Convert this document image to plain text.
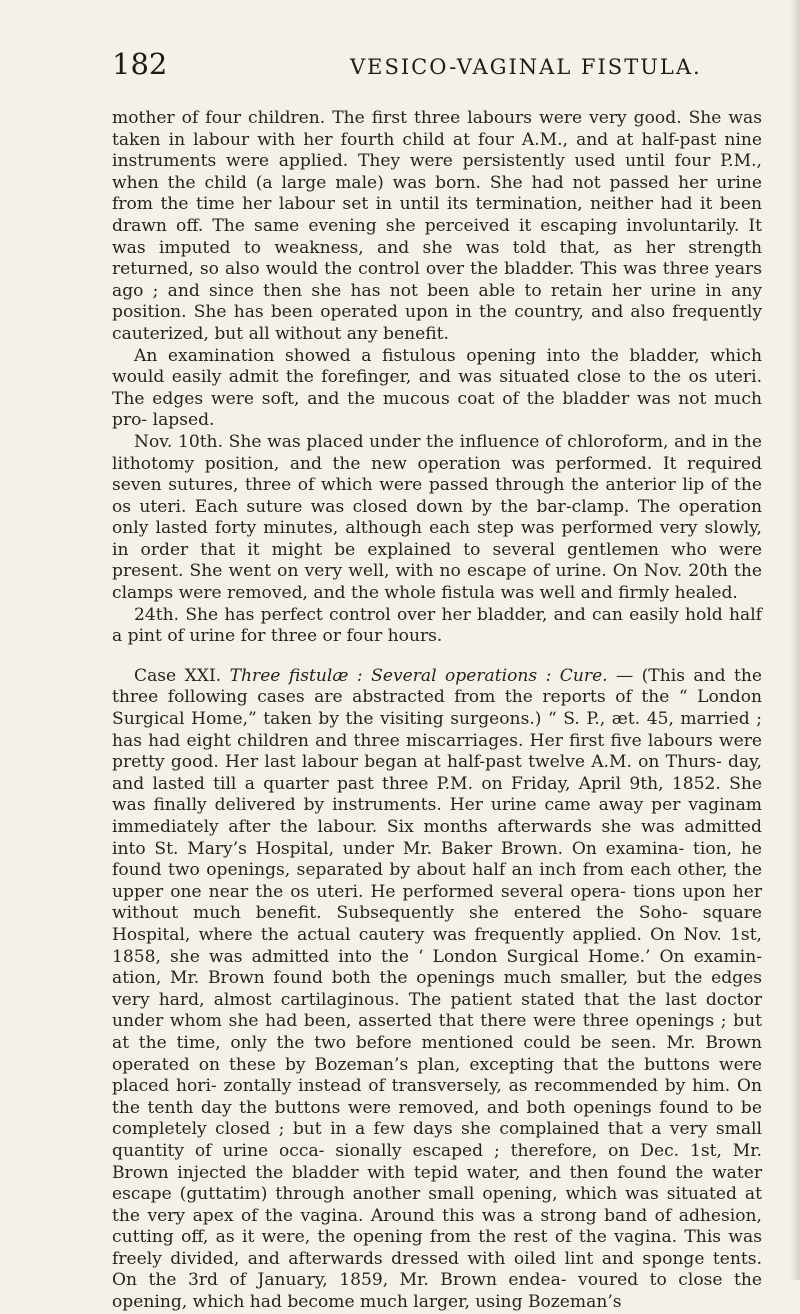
182	VESICO-VAGINAL FISTULA.

mother of four children. The first three labours were very good. She was taken in labour with her fourth child at four A.M., and at half-past nine instruments were applied. They were persistently used until four P.M., when the child (a large male) was born. She had not passed her urine from the time her labour set in until its termination, neither had it been drawn off. The same evening she perceived it escaping involuntarily. It was imputed to weakness, and she was told that, as her strength returned, so also would the control over the bladder. This was three years ago ; and since then she has not been able to retain her urine in any position. She has been operated upon in the country, and also frequently cauterized, but all without any benefit.

An examination showed a fistulous opening into the bladder, which would easily admit the forefinger, and was situated close to the os uteri. The edges were soft, and the mucous coat of the bladder was not much pro- lapsed.

Nov. 10th. She was placed under the influence of chloroform, and in the lithotomy position, and the new operation was performed. It required seven sutures, three of which were passed through the anterior lip of the os uteri. Each suture was closed down by the bar-clamp. The operation only lasted forty minutes, although each step was performed very slowly, in order that it might be explained to several gentlemen who were present. She went on very well, with no escape of urine. On Nov. 20th the clamps were removed, and the whole fistula was well and firmly healed.

24th. She has perfect control over her bladder, and can easily hold half a pint of urine for three or four hours.

Case XXI. Three fistulæ : Several operations : Cure. — (This and the three following cases are abstracted from the reports of the “ London Surgical Home,” taken by the visiting surgeons.) “ S. P., æt. 45, married ; has had eight children and three miscarriages. Her first five labours were pretty good. Her last labour began at half-past twelve A.M. on Thurs- day, and lasted till a quarter past three P.M. on Friday, April 9th, 1852. She was finally delivered by instruments. Her urine came away per vaginam immediately after the labour. Six months afterwards she was admitted into St. Mary’s Hospital, under Mr. Baker Brown. On examina- tion, he found two openings, separated by about half an inch from each other, the upper one near the os uteri. He performed several opera- tions upon her without much benefit. Subsequently she entered the Soho- square Hospital, where the actual cautery was frequently applied. On Nov. 1st, 1858, she was admitted into the ‘ London Surgical Home.’ On examin- ation, Mr. Brown found both the openings much smaller, but the edges very hard, almost cartilaginous. The patient stated that the last doctor under whom she had been, asserted that there were three openings ; but at the time, only the two before mentioned could be seen. Mr. Brown operated on these by Bozeman’s plan, excepting that the buttons were placed hori- zontally instead of transversely, as recommended by him. On the tenth day the buttons were removed, and both openings found to be completely closed ; but in a few days she complained that a very small quantity of urine occa- sionally escaped ; therefore, on Dec. 1st, Mr. Brown injected the bladder with tepid water, and then found the water escape (guttatim) through another small opening, which was situated at the very apex of the vagina. Around this was a strong band of adhesion, cutting off, as it were, the opening from the rest of the vagina. This was freely divided, and afterwards dressed with oiled lint and sponge tents. On the 3rd of January, 1859, Mr. Brown endea- voured to close the opening, which had become much larger, using Bozeman’s
